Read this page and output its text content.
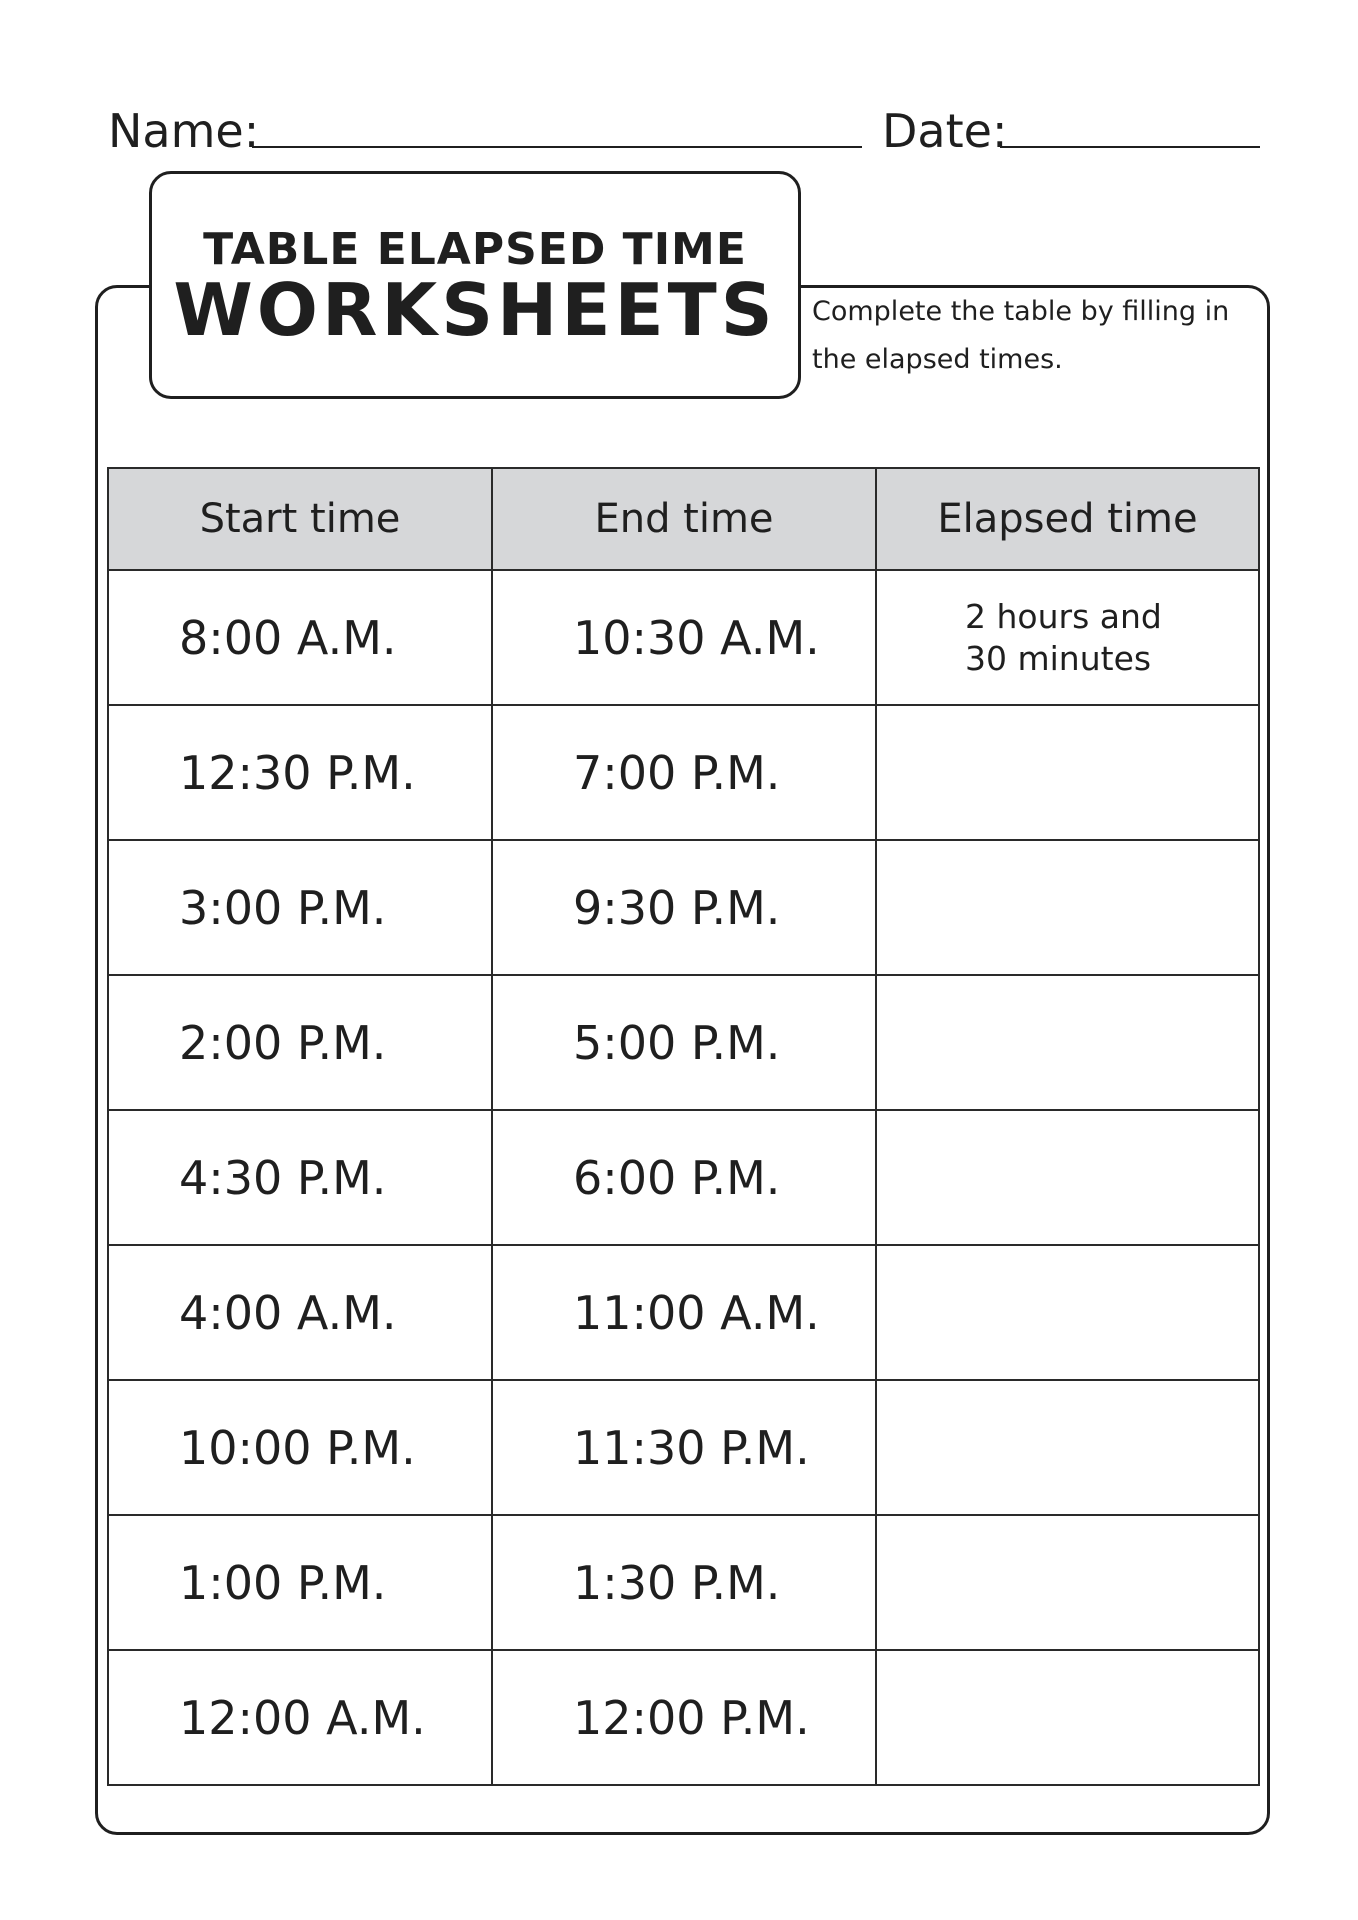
Name:	Date:
TABLE ELAPSED TIME
WORKSHEETS	Complete the table by filling in the elapsed times.
Start time	End time	Elapsed time
8:00 A.M.	10:30 A.M.	2 hours and 30 minutes

12:30 P.M.	7:00 P.M.	

3:00 P.M.	9:30 P.M.	

2:00 P.M.	5:00 P.M.	

4:30 P.M.	6:00 P.M.	

4:00 A.M.	11:00 A.M.	

10:00 P.M.	11:30 P.M.	

1:00 P.M.	1:30 P.M.	

12:00 A.M.	12:00 P.M.	
